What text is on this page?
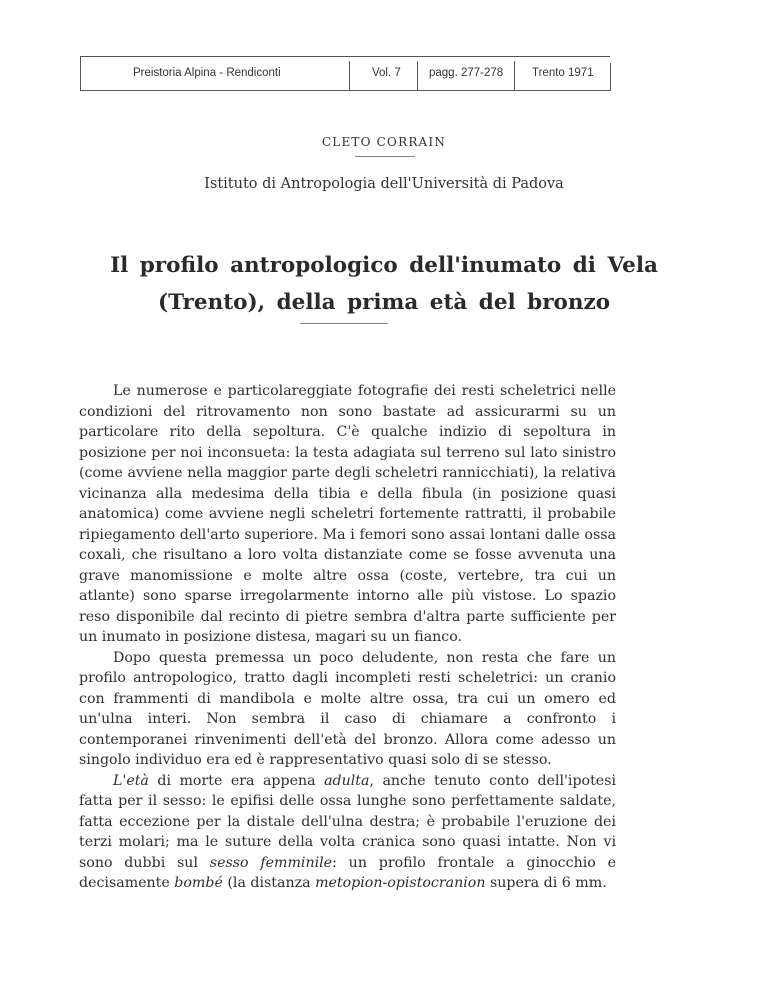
Preistoria Alpina - Rendiconti	Vol. 7 pagg. 277-278	Trento 1971
CLETO CORRAIN
Istituto di Antropologia dell'Università di Padova
Il profilo antropologico dell'inumato di Vela
(Trento), della prima età del bronzo

Le numerose e particolareggiate fotografie dei resti scheletrici nelle condizioni del ritrovamento non sono bastate ad assicurarmi su un particolare rito della sepoltura. C'è qualche indizio di sepoltura in posizione per noi inconsueta: la testa adagiata sul terreno sul lato sinistro (come avviene nella maggior parte degli scheletri rannicchiati), la relativa vicinanza alla medesima della tibia e della fibula (in posizione quasi anatomica) come avviene negli scheletri fortemente rattratti, il probabile ripiegamento dell'arto superiore. Ma i femori sono assai lontani dalle ossa coxali, che risultano a loro volta distanziate come se fosse avvenuta una grave manomissione e molte altre ossa (coste, vertebre, tra cui un atlante) sono sparse irregolarmente intorno alle più vistose. Lo spazio reso disponibile dal recinto di pietre sembra d'altra parte sufficiente per un inumato in posizione distesa, magari su un fianco.

Dopo questa premessa un poco deludente, non resta che fare un profilo antropologico, tratto dagli incompleti resti scheletrici: un cranio con frammenti di mandibola e molte altre ossa, tra cui un omero ed un'ulna interi. Non sembra il caso di chiamare a confronto i contemporanei rinvenimenti dell'età del bronzo. Allora come adesso un singolo individuo era ed è rappresentativo quasi solo di se stesso.

L'età di morte era appena adulta, anche tenuto conto dell'ipotesi fatta per il sesso: le epifisi delle ossa lunghe sono perfettamente saldate, fatta eccezione per la distale dell'ulna destra; è probabile l'eruzione dei terzi molari; ma le suture della volta cranica sono quasi intatte. Non vi sono dubbi sul sesso femminile: un profilo frontale a ginocchio e decisamente bombé (la distanza metopion-opistocranion supera di 6 mm.
